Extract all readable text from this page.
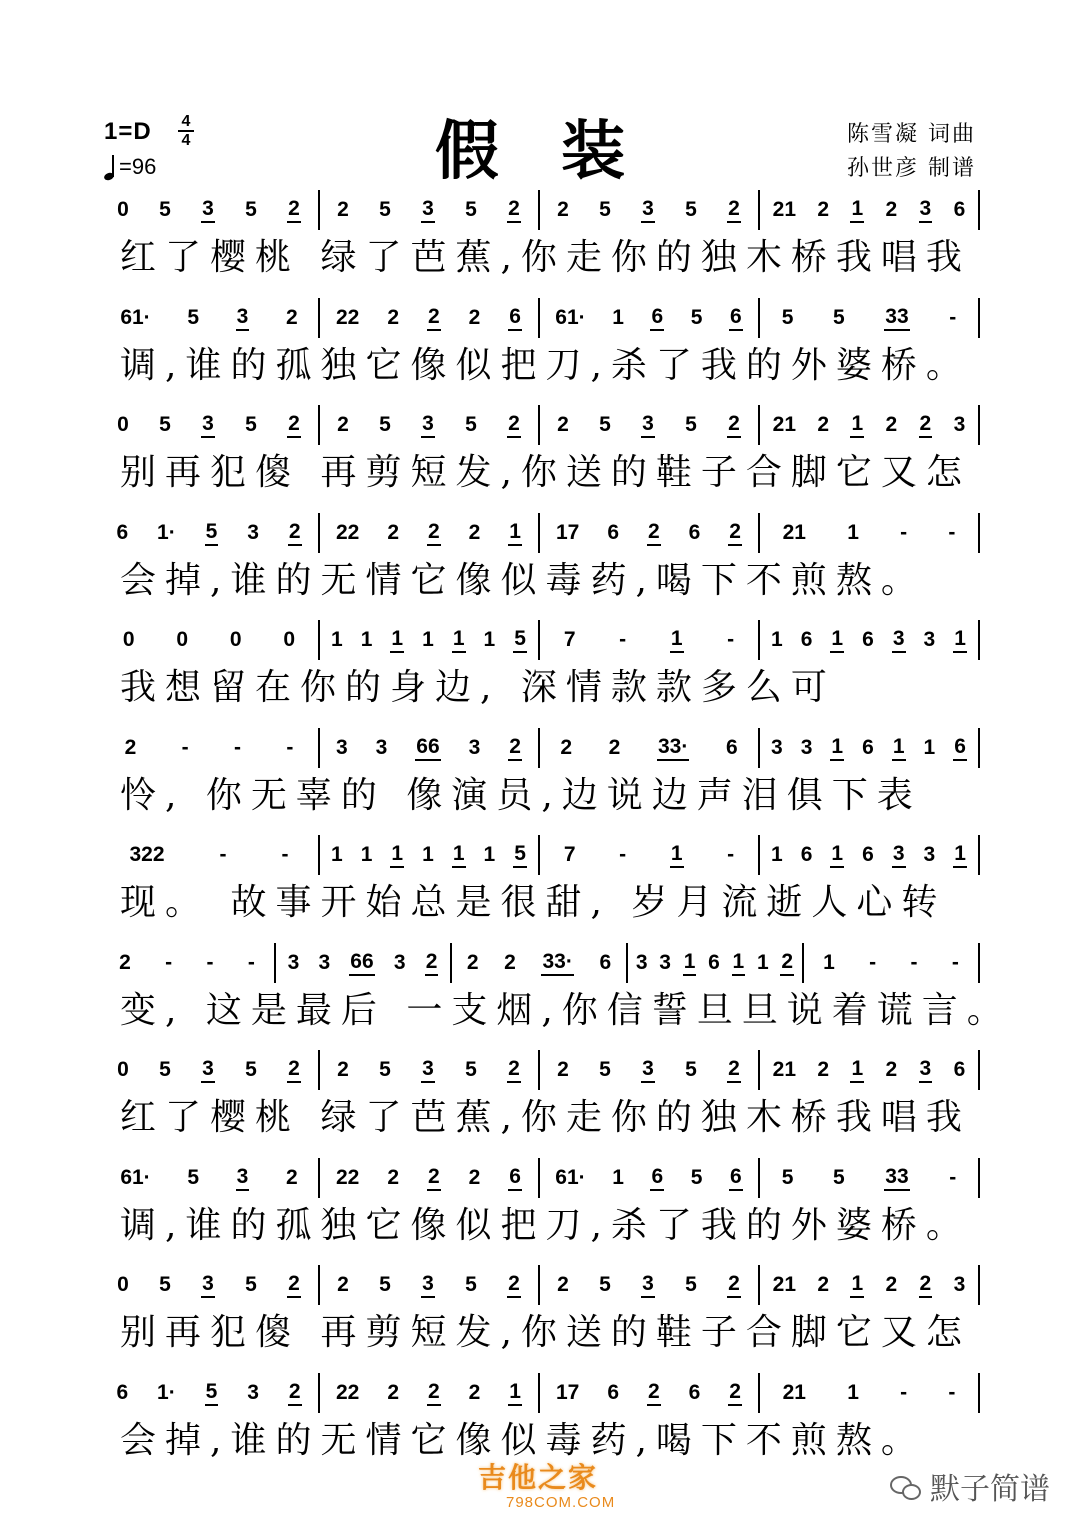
1=D	4
4
=96	假 装	陈雪凝 词曲
孙世彦 制谱
0 5 3 5 2 2 5 3 5 2 2 5 3 5 2 21 2 1 2 3 6
红了樱桃 绿了芭蕉,你走你的独木桥我唱我
61· 5 3 2 22 2 2 2 6 61· 1 6 5 6 5 5 33 -
调,谁的孤独它像似把刀,杀了我的外婆桥。
0 5 3 5 2 2 5 3 5 2 2 5 3 5 2 21 2 1 2 2 3
别再犯傻 再剪短发,你送的鞋子合脚它又怎
6 1· 5 3 2 22 2 2 2 1 17 6 2 6 2 21 1 - -
会掉,谁的无情它像似毒药,喝下不煎熬。
0 0 0 0 1 1 1 1 1 1 5 7 - 1 - 1 6 1 6 3 3 1
我想留在你的身边, 深情款款多么可
2 - - - 3 3 66 3 2 2 2 33· 6 3 3 1 6 1 1 6
怜, 你无辜的 像演员,边说边声泪俱下表
322	-	- 1 1 1 1 1 1 5 7 - 1 - 1 6 1 6 3 3 1
现。 故事开始总是很甜, 岁月流逝人心转
2 - - - 3 3 66 3 2 2 2 33· 6 3 3 1 6 1 1 2 1 - - -
变, 这是最后 一支烟,你信誓旦旦说着谎言。
0 5 3 5 2 2 5 3 5 2 2 5 3 5 2 21 2 1 2 3 6
红了樱桃 绿了芭蕉,你走你的独木桥我唱我
61· 5 3 2 22 2 2 2 6 61· 1 6 5 6 5 5 33 -
调,谁的孤独它像似把刀,杀了我的外婆桥。
0 5 3 5 2 2 5 3 5 2 2 5 3 5 2 21 2 1 2 2 3
别再犯傻 再剪短发,你送的鞋子合脚它又怎
6 1· 5 3 2 22 2 2 2 1 17 6 2 6 2 21 1 - -
会掉,谁的无情它像似毒药,喝下不煎熬。
吉他之家
798COM.COM	默子简谱
